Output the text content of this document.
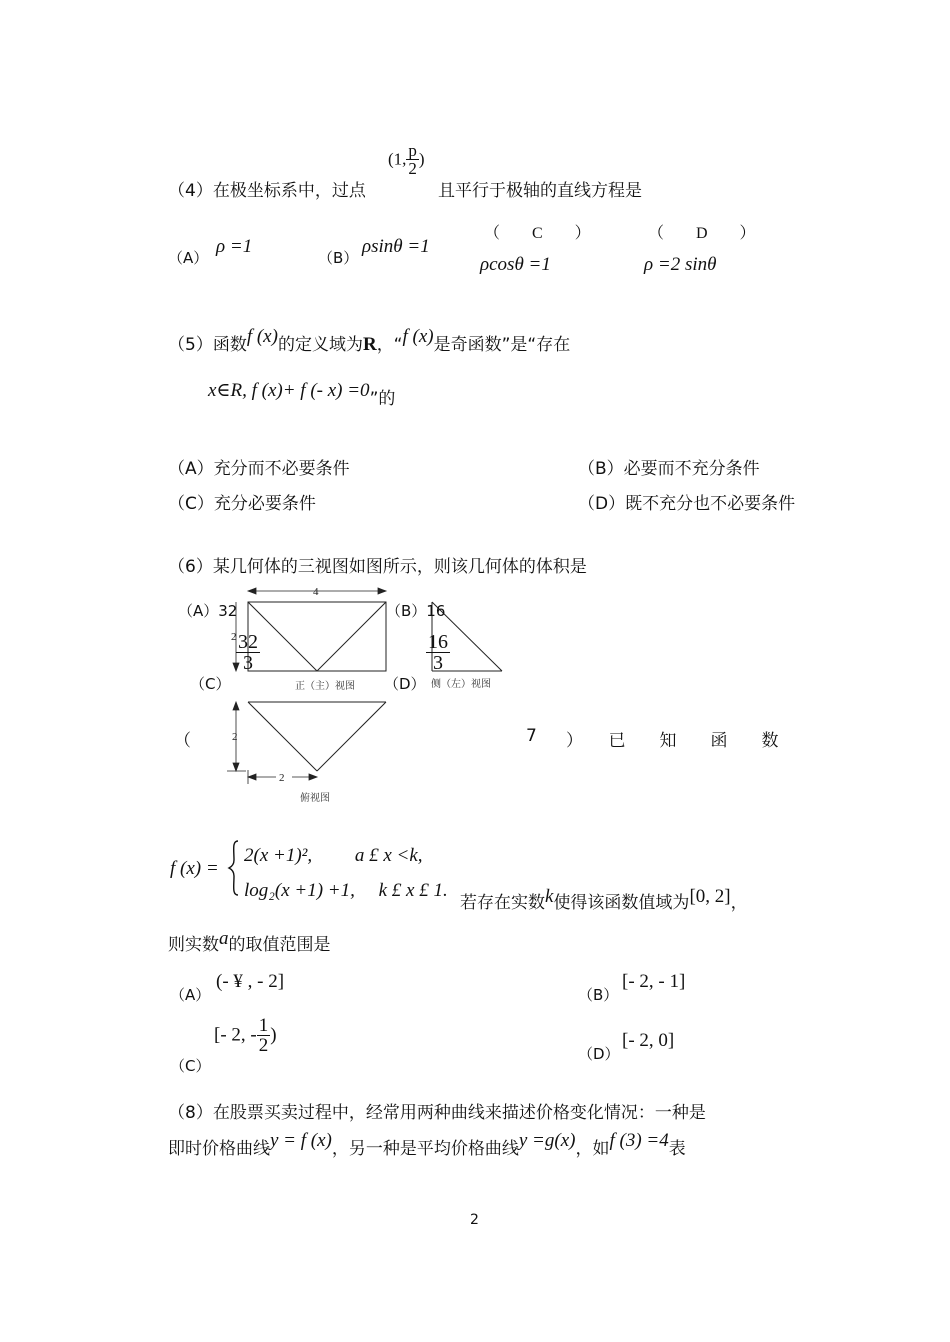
（4）在极坐标系中，过点
(1, $\frac{p}{2}$ )
且平行于极轴的直线方程是
（A）
ρ =1
（B）
ρsinθ =1
（　　C　　）
ρcosθ =1
（　　D　　）
ρ =2 sinθ
（5）函数f (x)的定义域为R，“f (x)是奇函数”是“存在
x∈R, f (x)+ f (- x) =0”的
（A）充分而不必要条件	（B）必要而不充分条件
（C）充分必要条件	（D）既不充分也不必要条件
（6）某几何体的三视图如图所示，则该几何体的体积是
4
2
正（主）视图	侧（左）视图
2
2
俯视图
（A）32	（B）16
（C）
$\frac{32}{3}$
（D）
$\frac{16}{3}$
（	7 ）　　已　　知　　函　　数
f (x) =
2(x +1)², 　　a £ x <k,
log₂(x +1) +1, 　k £ x £ 1.
若存在实数k使得该函数值域为[0, 2]，
则实数a的取值范围是
（A）
(- ¥ , - 2]
（B）
[- 2, - 1]
（C）
[- 2, - $\frac{1}{2}$ )
（D）
[- 2, 0]
（8）在股票买卖过程中，经常用两种曲线来描述价格变化情况：一种是
即时价格曲线y = f (x)，另一种是平均价格曲线y =g(x)，如f (3) =4表
2
